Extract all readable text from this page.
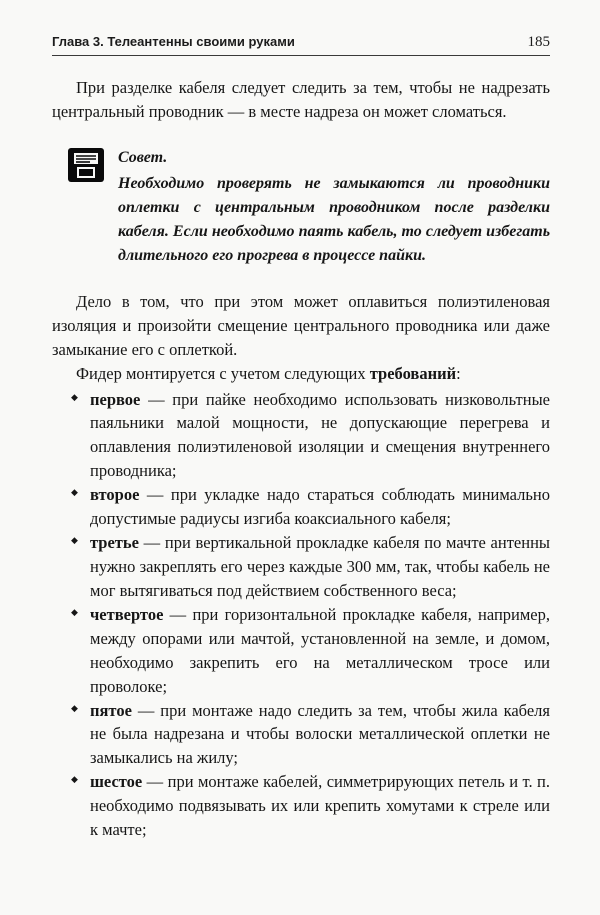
Глава 3. Телеантенны своими руками	185

При разделке кабеля следует следить за тем, чтобы не надрезать центральный проводник — в месте надреза он может сломаться.

Совет.

Необходимо проверять не замыкаются ли проводники оплетки с центральным проводником после разделки кабеля. Если необходимо паять кабель, то следует избегать длительного его прогрева в процессе пайки.

Дело в том, что при этом может оплавиться полиэтиленовая изоляция и произойти смещение центрального проводника или даже замыкание его с оплеткой.

Фидер монтируется с учетом следующих требований:

◆ первое — при пайке необходимо использовать низковольтные паяльники малой мощности, не допускающие перегрева и оплавления полиэтиленовой изоляции и смещения внутреннего проводника;
◆ второе — при укладке надо стараться соблюдать минимально допустимые радиусы изгиба коаксиального кабеля;
◆ третье — при вертикальной прокладке кабеля по мачте антенны нужно закреплять его через каждые 300 мм, так, чтобы кабель не мог вытягиваться под действием собственного веса;
◆ четвертое — при горизонтальной прокладке кабеля, например, между опорами или мачтой, установленной на земле, и домом, необходимо закрепить его на металлическом тросе или проволоке;
◆ пятое — при монтаже надо следить за тем, чтобы жила кабеля не была надрезана и чтобы волоски металлической оплетки не замыкались на жилу;
◆ шестое — при монтаже кабелей, симметрирующих петель и т. п. необходимо подвязывать их или крепить хомутами к стреле или к мачте;
